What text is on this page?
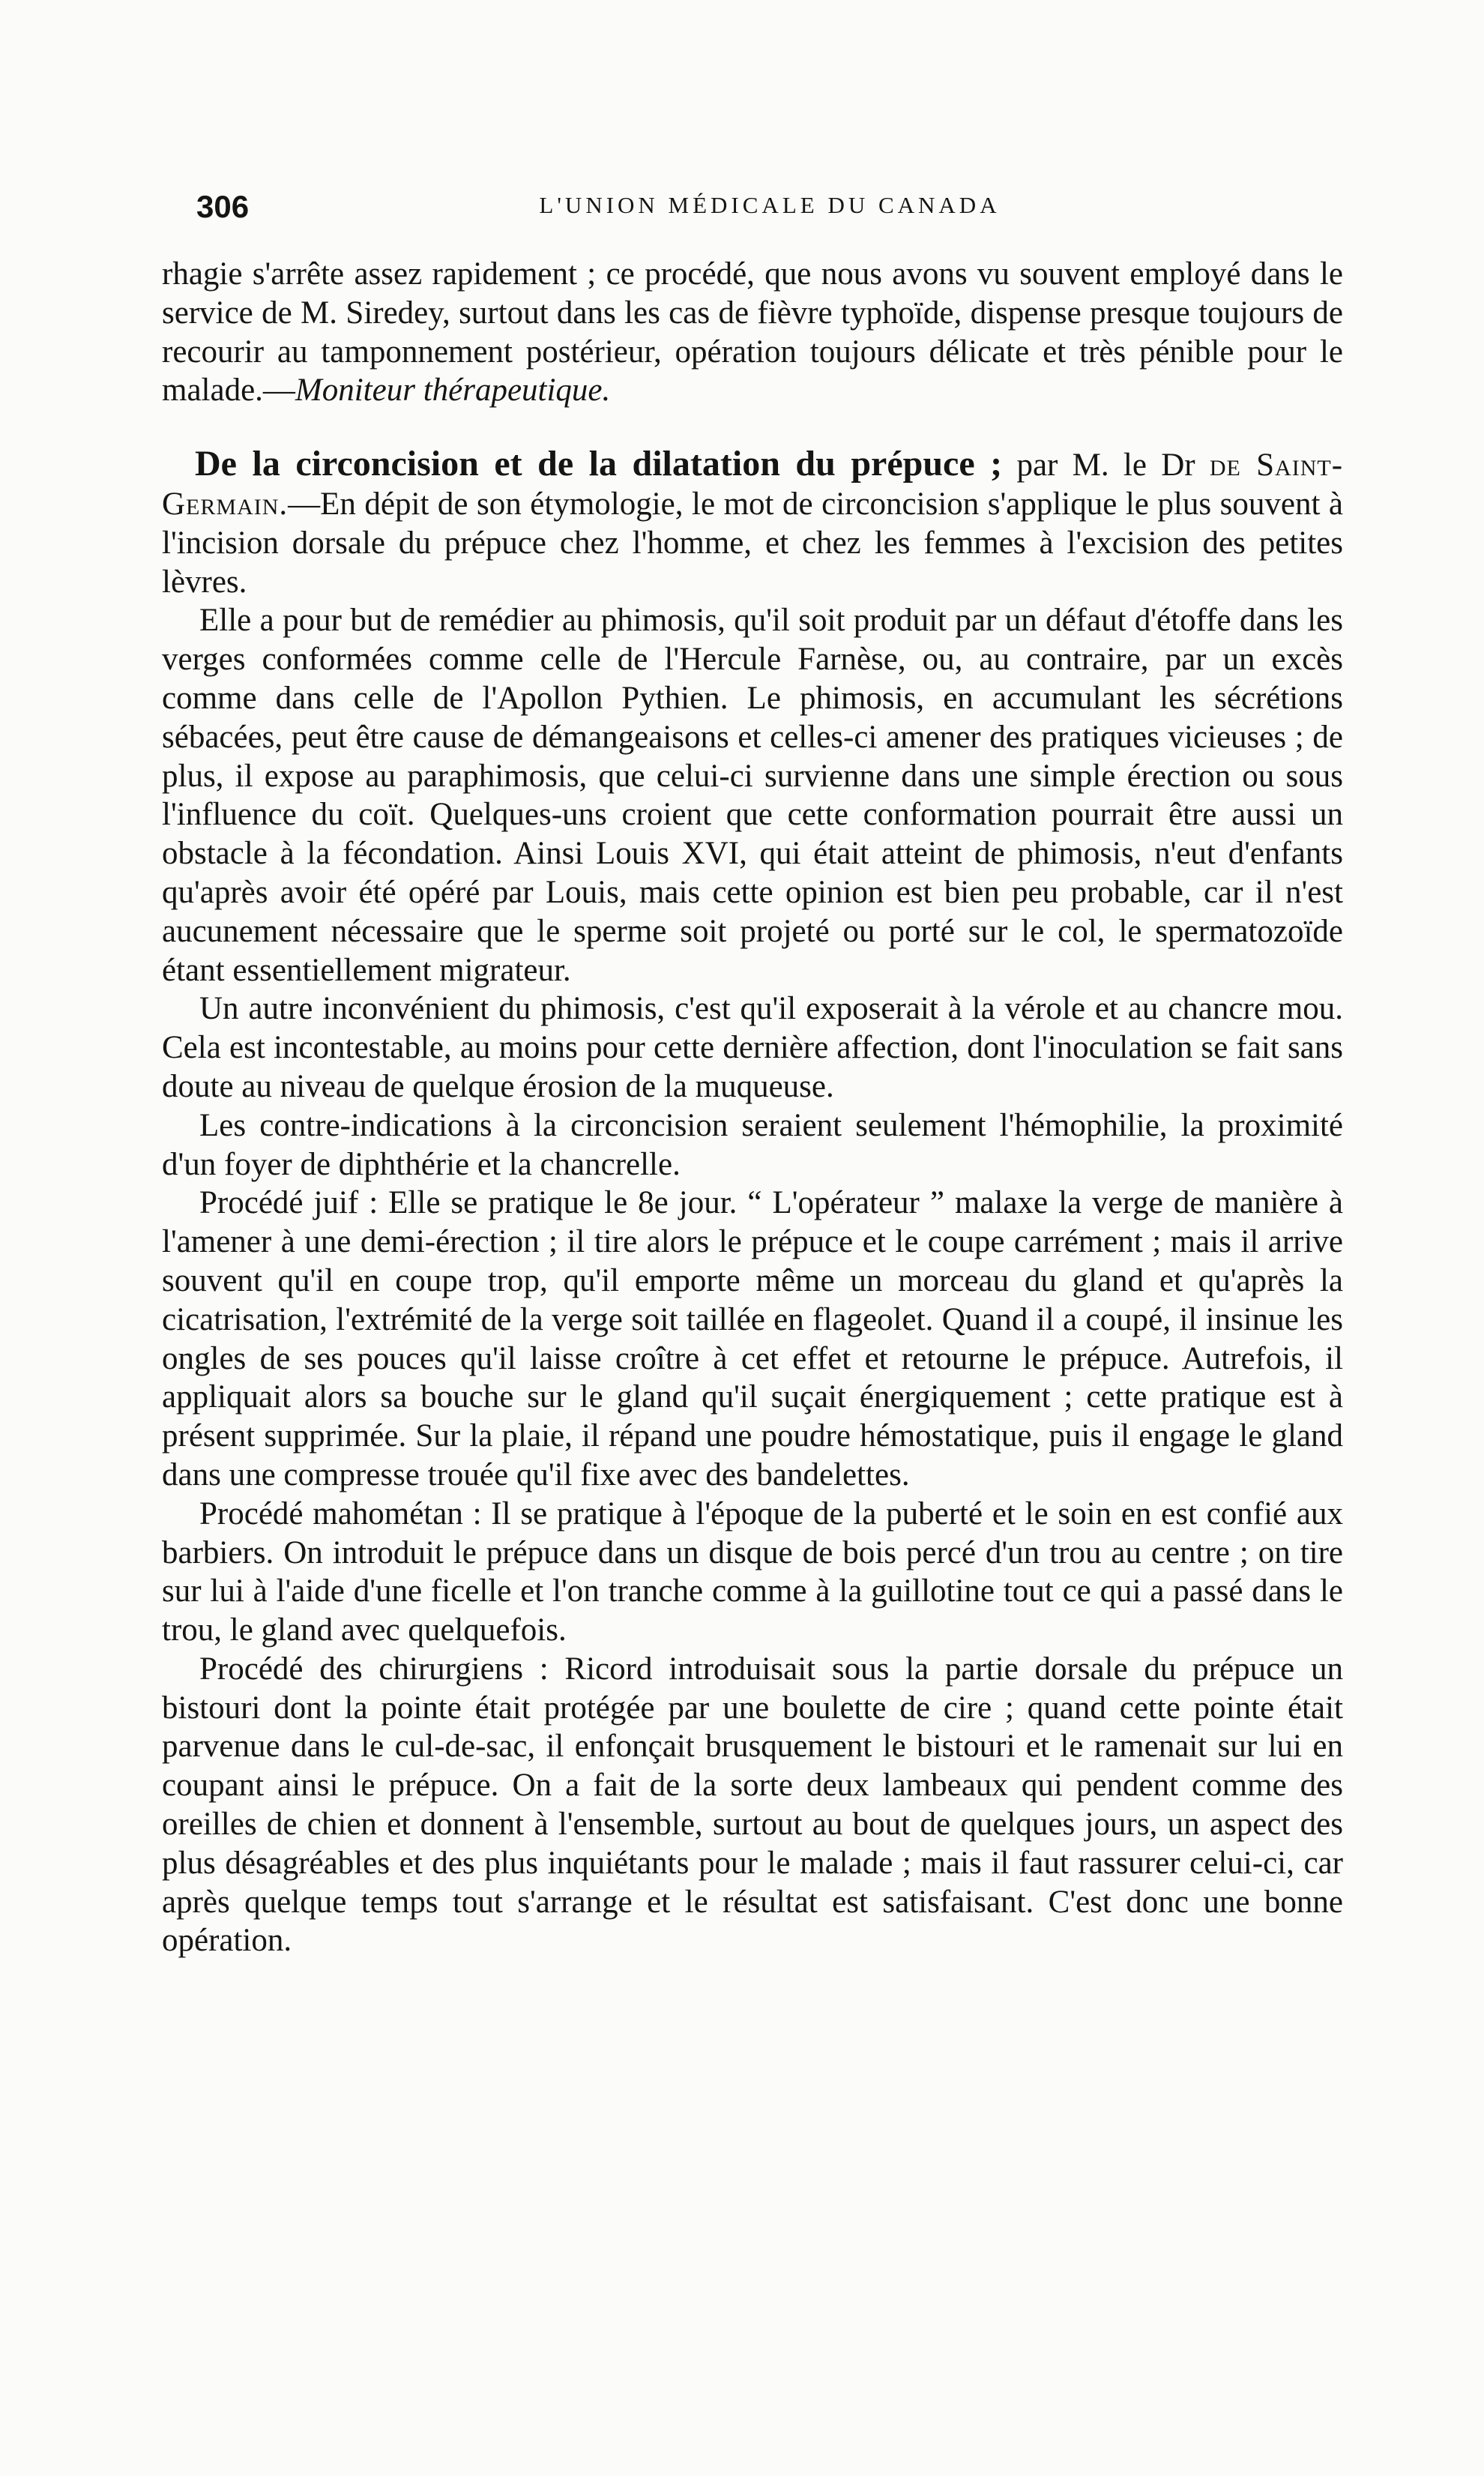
306	L'UNION MÉDICALE DU CANADA

rhagie s'arrête assez rapidement ; ce procédé, que nous avons vu souvent employé dans le service de M. Siredey, surtout dans les cas de fièvre typhoïde, dispense presque toujours de recourir au tamponnement postérieur, opération toujours délicate et très pénible pour le malade.—Moniteur thérapeutique.

De la circoncision et de la dilatation du prépuce ; par M. le Dr de Saint-Germain.—En dépit de son étymologie, le mot de circoncision s'applique le plus souvent à l'incision dorsale du prépuce chez l'homme, et chez les femmes à l'excision des petites lèvres.

Elle a pour but de remédier au phimosis, qu'il soit produit par un défaut d'étoffe dans les verges conformées comme celle de l'Hercule Farnèse, ou, au contraire, par un excès comme dans celle de l'Apollon Pythien. Le phimosis, en accumulant les sécrétions sébacées, peut être cause de démangeaisons et celles-ci amener des pratiques vicieuses ; de plus, il expose au paraphimosis, que celui-ci survienne dans une simple érection ou sous l'influence du coït. Quelques-uns croient que cette conformation pourrait être aussi un obstacle à la fécondation. Ainsi Louis XVI, qui était atteint de phimosis, n'eut d'enfants qu'après avoir été opéré par Louis, mais cette opinion est bien peu probable, car il n'est aucunement nécessaire que le sperme soit projeté ou porté sur le col, le spermatozoïde étant essentiellement migrateur.

Un autre inconvénient du phimosis, c'est qu'il exposerait à la vérole et au chancre mou. Cela est incontestable, au moins pour cette dernière affection, dont l'inoculation se fait sans doute au niveau de quelque érosion de la muqueuse.

Les contre-indications à la circoncision seraient seulement l'hémophilie, la proximité d'un foyer de diphthérie et la chancrelle.

Procédé juif : Elle se pratique le 8e jour. “ L'opérateur ” malaxe la verge de manière à l'amener à une demi-érection ; il tire alors le prépuce et le coupe carrément ; mais il arrive souvent qu'il en coupe trop, qu'il emporte même un morceau du gland et qu'après la cicatrisation, l'extrémité de la verge soit taillée en flageolet. Quand il a coupé, il insinue les ongles de ses pouces qu'il laisse croître à cet effet et retourne le prépuce. Autrefois, il appliquait alors sa bouche sur le gland qu'il suçait énergiquement ; cette pratique est à présent supprimée. Sur la plaie, il répand une poudre hémostatique, puis il engage le gland dans une compresse trouée qu'il fixe avec des bandelettes.

Procédé mahométan : Il se pratique à l'époque de la puberté et le soin en est confié aux barbiers. On introduit le prépuce dans un disque de bois percé d'un trou au centre ; on tire sur lui à l'aide d'une ficelle et l'on tranche comme à la guillotine tout ce qui a passé dans le trou, le gland avec quelquefois.

Procédé des chirurgiens : Ricord introduisait sous la partie dorsale du prépuce un bistouri dont la pointe était protégée par une boulette de cire ; quand cette pointe était parvenue dans le cul-de-sac, il enfonçait brusquement le bistouri et le ramenait sur lui en coupant ainsi le prépuce. On a fait de la sorte deux lambeaux qui pendent comme des oreilles de chien et donnent à l'ensemble, surtout au bout de quelques jours, un aspect des plus désagréables et des plus inquiétants pour le malade ; mais il faut rassurer celui-ci, car après quelque temps tout s'arrange et le résultat est satisfaisant. C'est donc une bonne opération.
